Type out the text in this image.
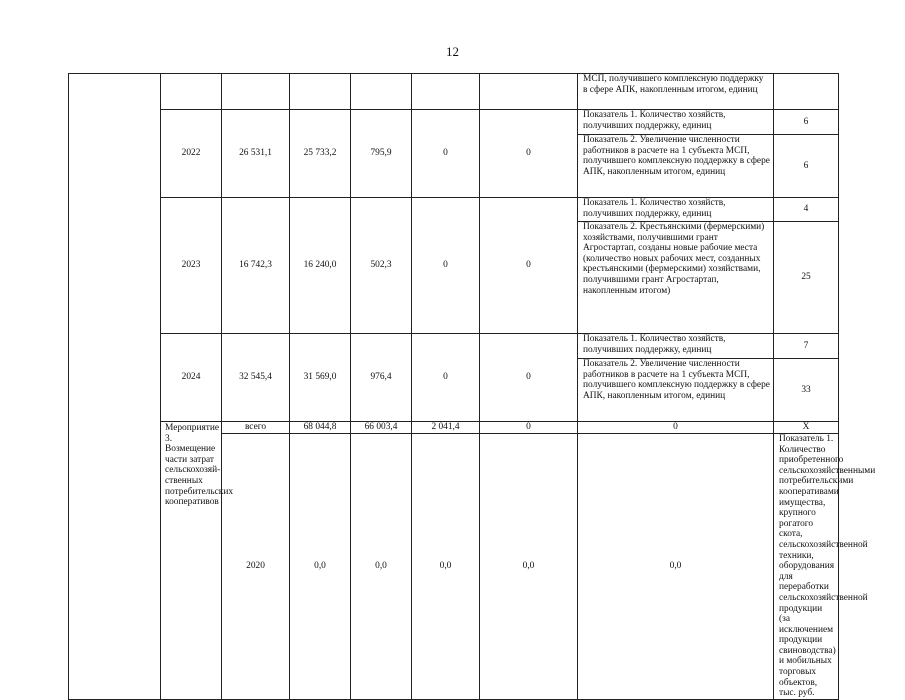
12
							МСП, получившего комплексную поддержку в сфере АПК, накопленным итогом, единиц		
	2022	26 531,1	25 733,2	795,9	0	0	Показатель 1. Количество хозяйств, получивших поддержку, единиц	6	
							Показатель 2. Увеличение численности работников в расчете на 1 субъекта МСП, получившего комплексную поддержку в сфере АПК, накопленным итогом, единиц	6	
	2023	16 742,3	16 240,0	502,3	0	0	Показатель 1. Количество хозяйств, получивших поддержку, единиц	4	
							Показатель 2. Крестьянскими (фермерскими) хозяйствами, получившими грант Агростартап, созданы новые рабочие места (количество новых рабочих мест, созданных крестьянскими (фермерскими) хозяйствами, получившими грант Агростартап, накопленным итогом)	25	
	2024	32 545,4	31 569,0	976,4	0	0	Показатель 1. Количество хозяйств, получивших поддержку, единиц	7	
							Показатель 2. Увеличение численности работников в расчете на 1 субъекта МСП, получившего комплексную поддержку в сфере АПК, накопленным итогом, единиц	33	
	Мероприятие 3. Возмещение части затрат сельскохозяй-ственных потребительских кооперативов	всего	68 044,8	66 003,4	2 041,4	0	0	Х	
		2020	0,0	0,0	0,0	0,0	0,0	Показатель 1. Количество приобретенного сельскохозяйственными потребительскими кооперативами имущества, крупного рогатого скота, сельскохозяйственной техники, оборудования для переработки сельскохозяйственной продукции (за исключением продукции свиноводства) и мобильных торговых объектов, тыс. руб.	
